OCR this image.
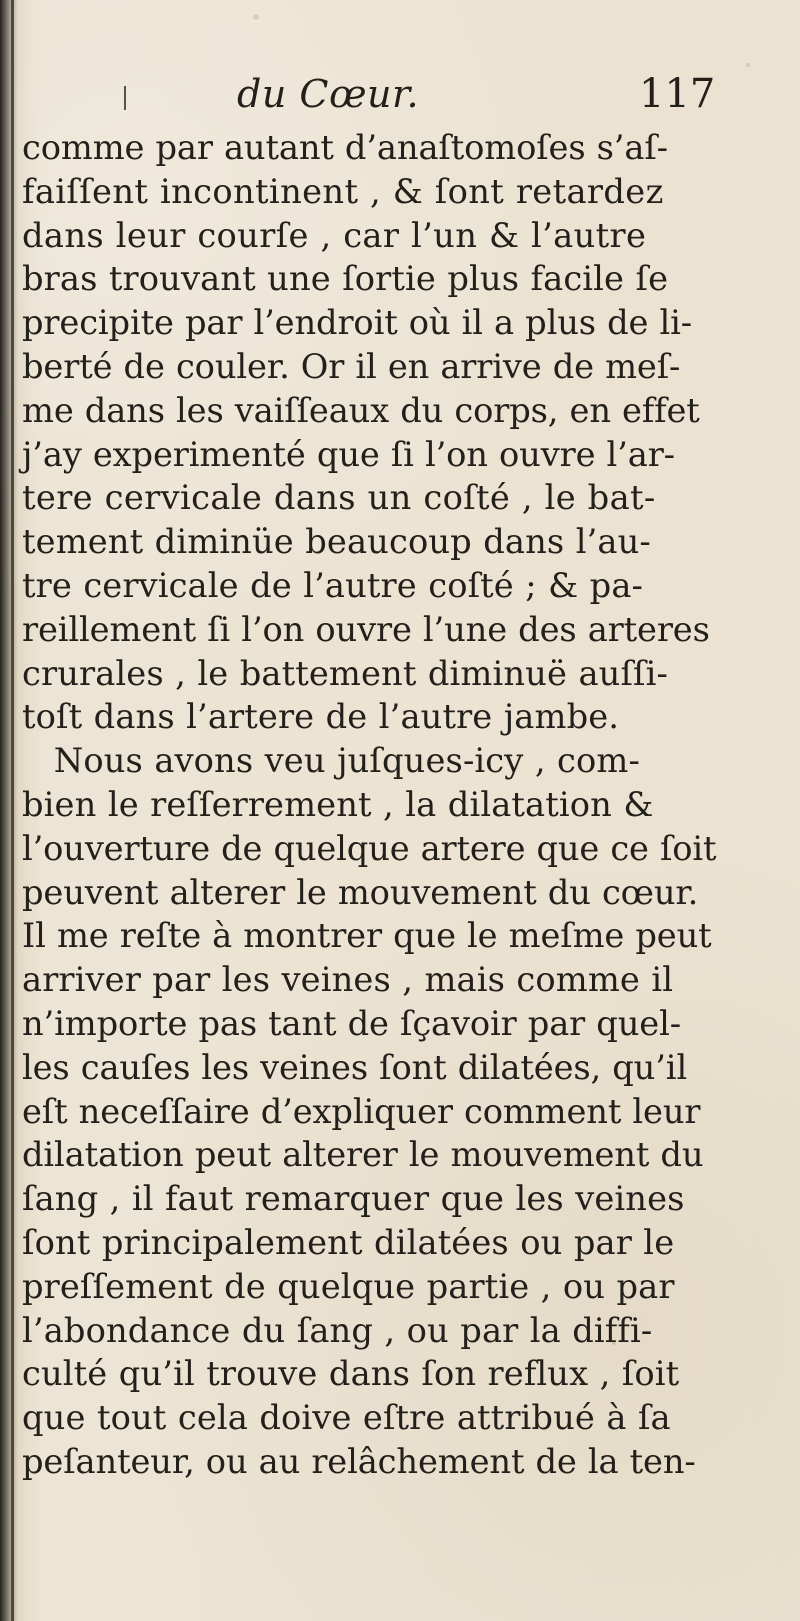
du Cœur.	117
comme par autant d’anaſtomoſes s’aſ-
faiſſent incontinent , & ſont retardez
dans leur courſe , car l’un & l’autre
bras trouvant une ſortie plus facile ſe
precipite par l’endroit où il a plus de li-
berté de couler. Or il en arrive de meſ-
me dans les vaiſſeaux du corps, en effet
j’ay experimenté que ſi l’on ouvre l’ar-
tere cervicale dans un coſté , le bat-
tement diminüe beaucoup dans l’au-
tre cervicale de l’autre coſté ; & pa-
reillement ſi l’on ouvre l’une des arteres
crurales , le battement diminuë auſſi-
toſt dans l’artere de l’autre jambe.
Nous avons veu juſques-icy , com-
bien le reſſerrement , la dilatation &
l’ouverture de quelque artere que ce ſoit
peuvent alterer le mouvement du cœur.
Il me reſte à montrer que le meſme peut
arriver par les veines , mais comme il
n’importe pas tant de ſçavoir par quel-
les cauſes les veines ſont dilatées, qu’il
eſt neceſſaire d’expliquer comment leur
dilatation peut alterer le mouvement du
ſang , il faut remarquer que les veines
ſont principalement dilatées ou par le
preſſement de quelque partie , ou par
l’abondance du ſang , ou par la diffi-
culté qu’il trouve dans ſon reflux , ſoit
que tout cela doive eſtre attribué à ſa
peſanteur, ou au relâchement de la ten-
